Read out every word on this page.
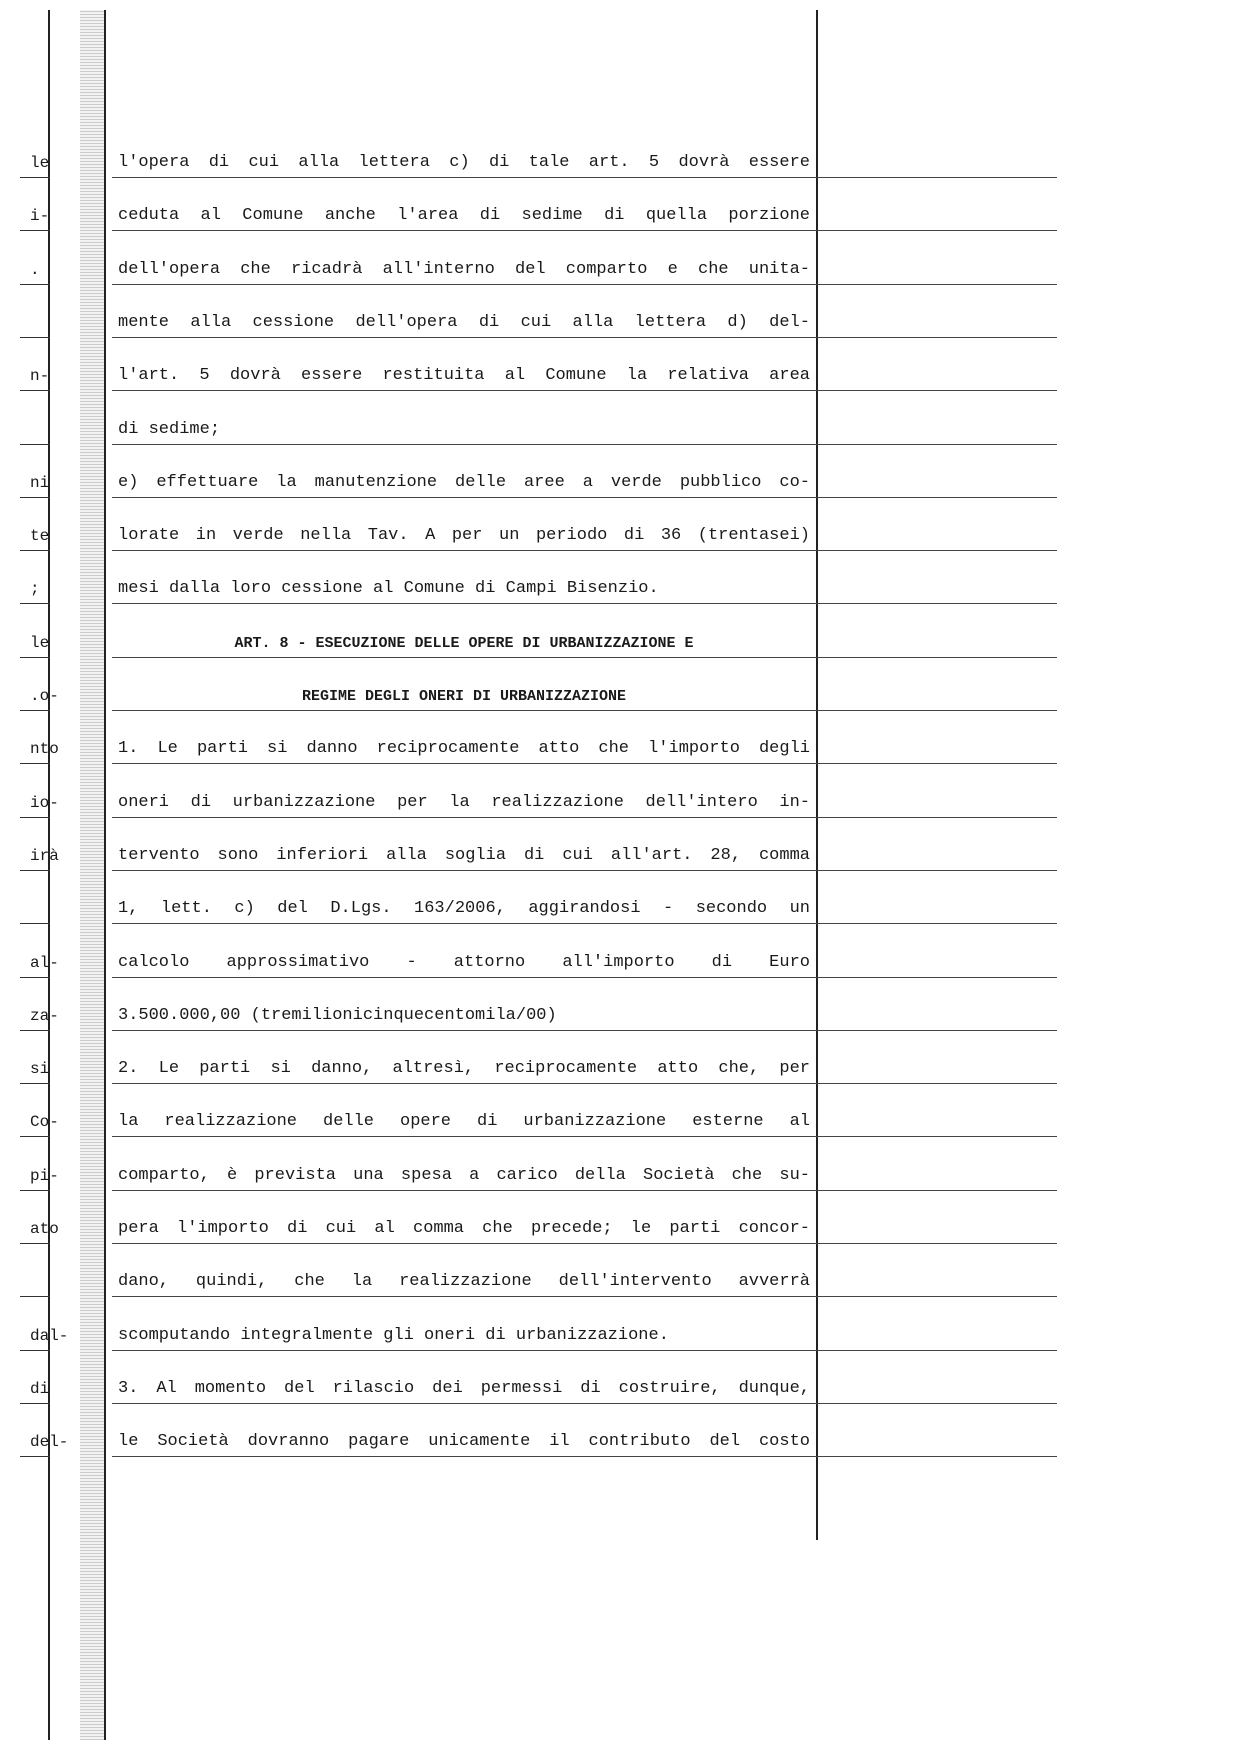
le	l'opera di cui alla lettera c) di tale art. 5 dovrà essere
i-	ceduta al Comune anche l'area di sedime di quella porzione
.	dell'opera che ricadrà all'interno del comparto e che unita-
mente alla cessione dell'opera di cui alla lettera d) del-
n-	l'art. 5 dovrà essere restituita al Comune la relativa area
di sedime;
ni	e) effettuare la manutenzione delle aree a verde pubblico co-
te	lorate in verde nella Tav. A per un periodo di 36 (trentasei)
;	mesi dalla loro cessione al Comune di Campi Bisenzio.
le	ART. 8 - ESECUZIONE DELLE OPERE DI URBANIZZAZIONE E
.o-	REGIME DEGLI ONERI DI URBANIZZAZIONE
nto	1. Le parti si danno reciprocamente atto che l'importo degli
io-	oneri di urbanizzazione per la realizzazione dell'intero in-
irà	tervento sono inferiori alla soglia di cui all'art. 28, comma
1, lett. c) del D.Lgs. 163/2006, aggirandosi - secondo un
al-	calcolo approssimativo - attorno all'importo di Euro
za-	3.500.000,00 (tremilionicinquecentomila/00)
si	2. Le parti si danno, altresì, reciprocamente atto che, per
Co-	la realizzazione delle opere di urbanizzazione esterne al
pi-	comparto, è prevista una spesa a carico della Società che su-
ato	pera l'importo di cui al comma che precede; le parti concor-
dano, quindi, che la realizzazione dell'intervento avverrà
dal-	scomputando integralmente gli oneri di urbanizzazione.
di	3. Al momento del rilascio dei permessi di costruire, dunque,
del-	le Società dovranno pagare unicamente il contributo del costo
